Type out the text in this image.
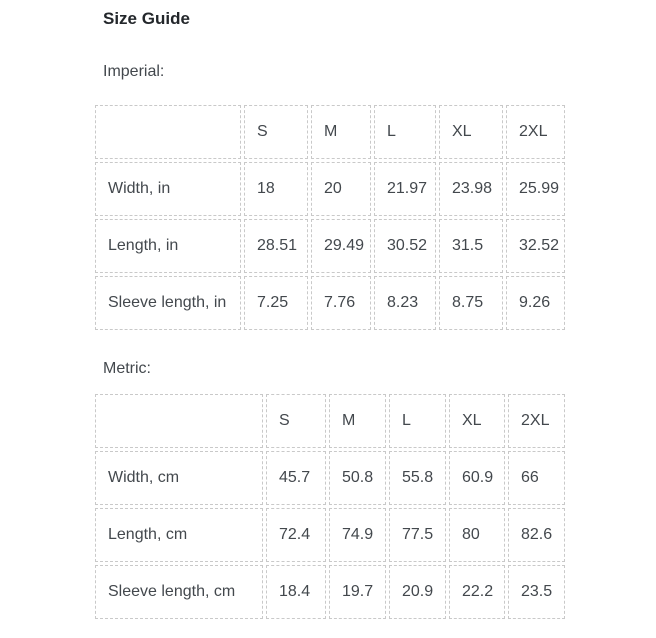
Size Guide
Imperial:
	S	M	L	XL	2XL
Width, in	18	20	21.97	23.98	25.99
Length, in	28.51	29.49	30.52	31.5	32.52
Sleeve length, in	7.25	7.76	8.23	8.75	9.26
Metric:
	S	M	L	XL	2XL
Width, cm	45.7	50.8	55.8	60.9	66
Length, cm	72.4	74.9	77.5	80	82.6
Sleeve length, cm	18.4	19.7	20.9	22.2	23.5
